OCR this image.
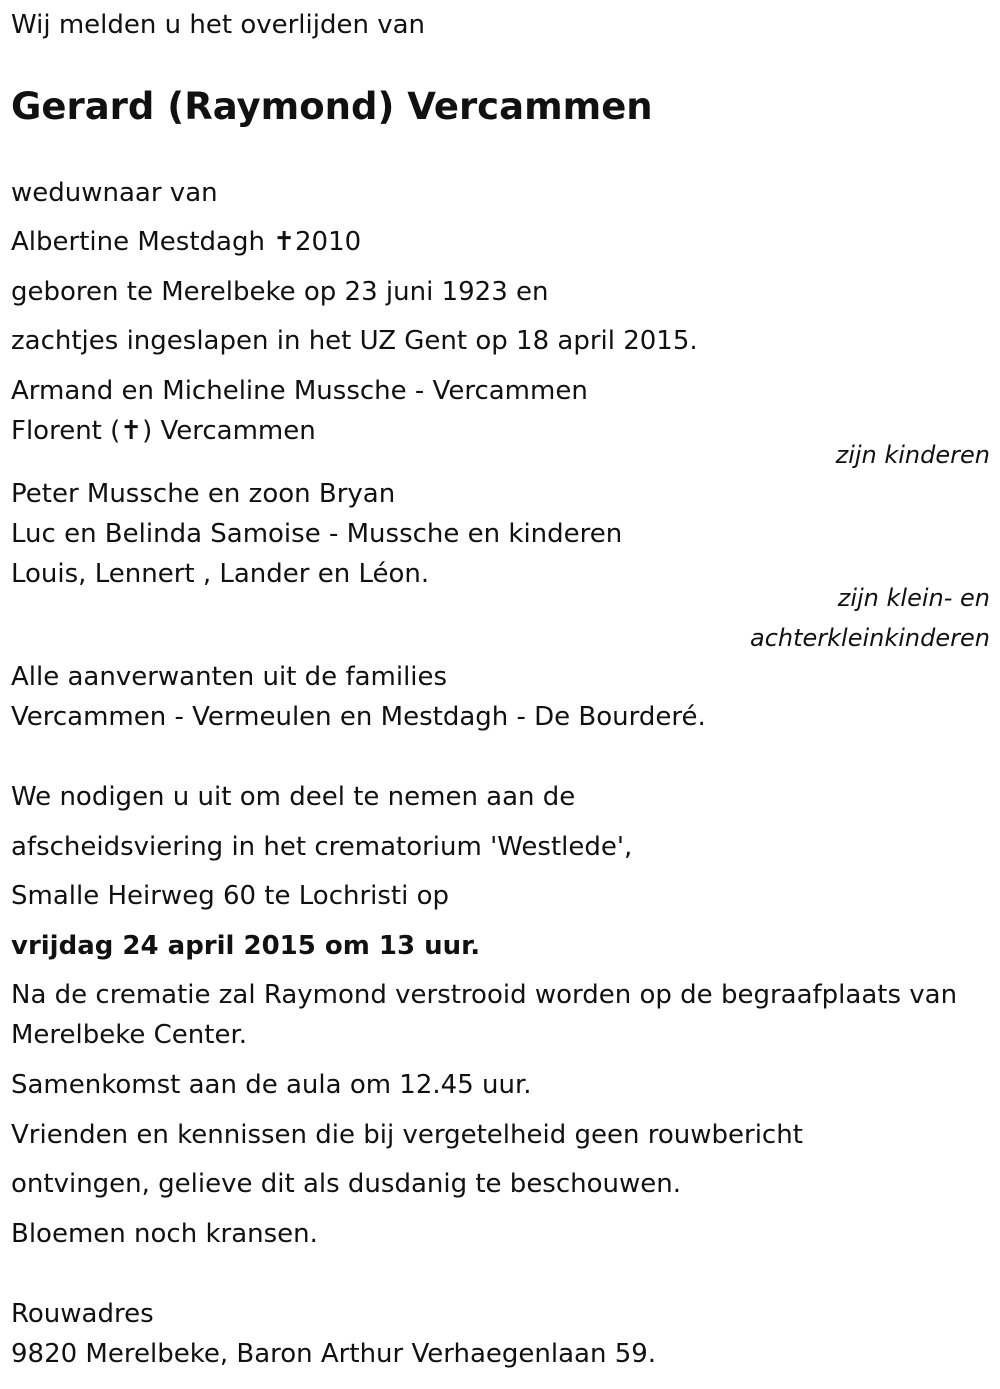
Wij melden u het overlijden van
Gerard (Raymond) Vercammen
weduwnaar van
Albertine Mestdagh ✝2010
geboren te Merelbeke op 23 juni 1923 en
zachtjes ingeslapen in het UZ Gent op 18 april 2015.
Armand en Micheline Mussche - Vercammen
Florent (✝) Vercammen
zijn kinderen
Peter Mussche en zoon Bryan
Luc en Belinda Samoise - Mussche en kinderen
Louis, Lennert , Lander en Léon.
zijn klein- en
achterkleinkinderen
Alle aanverwanten uit de families
Vercammen - Vermeulen en Mestdagh - De Bourderé.
We nodigen u uit om deel te nemen aan de
afscheidsviering in het crematorium 'Westlede',
Smalle Heirweg 60 te Lochristi op
vrijdag 24 april 2015 om 13 uur.
Na de crematie zal Raymond verstrooid worden op de begraafplaats van
Merelbeke Center.
Samenkomst aan de aula om 12.45 uur.
Vrienden en kennissen die bij vergetelheid geen rouwbericht
ontvingen, gelieve dit als dusdanig te beschouwen.
Bloemen noch kransen.
Rouwadres
9820 Merelbeke, Baron Arthur Verhaegenlaan 59.
